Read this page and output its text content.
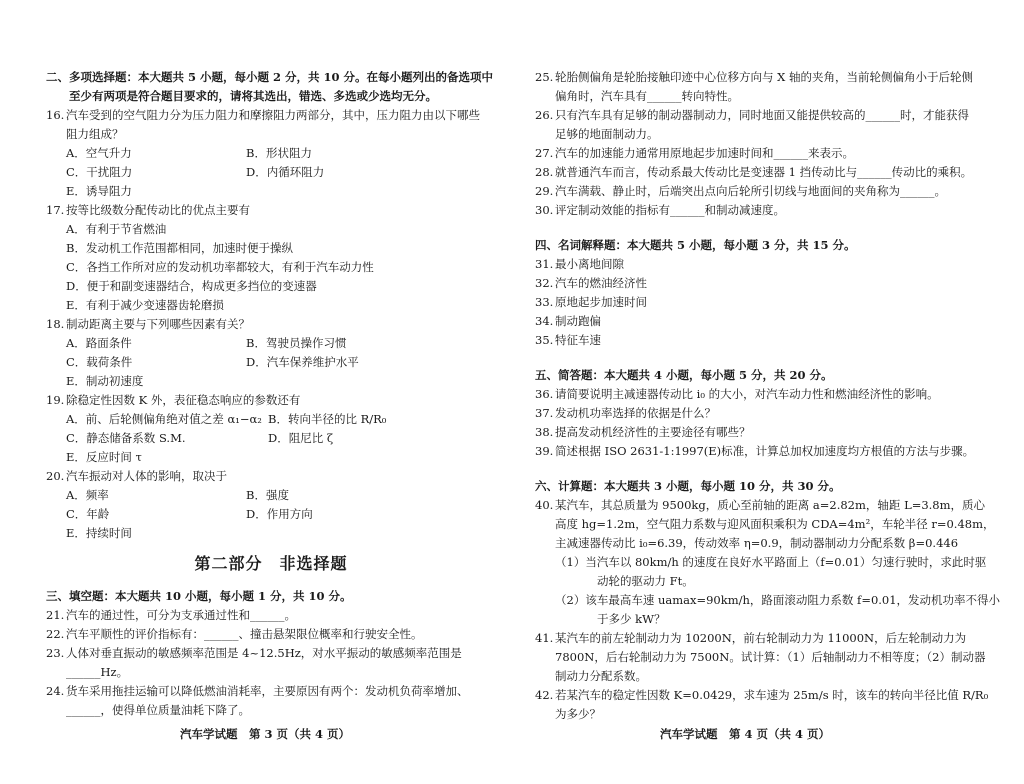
二、多项选择题：本大题共 5 小题，每小题 2 分，共 10 分。在每小题列出的备选项中
　　至少有两项是符合题目要求的，请将其选出，错选、多选或少选均无分。
16. 汽车受到的空气阻力分为压力阻力和摩擦阻力两部分，其中，压力阻力由以下哪些
阻力组成？
A．空气升力	B．形状阻力
C．干扰阻力	D．内循环阻力
E．诱导阻力
17. 按等比级数分配传动比的优点主要有
A．有利于节省燃油
B．发动机工作范围都相同，加速时便于操纵
C．各挡工作所对应的发动机功率都较大，有利于汽车动力性
D．便于和副变速器结合，构成更多挡位的变速器
E．有利于减少变速器齿轮磨损
18. 制动距离主要与下列哪些因素有关？
A．路面条件	B．驾驶员操作习惯
C．载荷条件	D．汽车保养维护水平
E．制动初速度
19. 除稳定性因数 K 外，表征稳态响应的参数还有
A．前、后轮侧偏角绝对值之差 α₁−α₂ B．转向半径的比 R/R₀
C．静态储备系数 S.M.	D．阻尼比 ζ
E．反应时间 τ
20. 汽车振动对人体的影响，取决于
A．频率	B．强度
C．年龄	D．作用方向
E．持续时间
第二部分　非选择题
三、填空题：本大题共 10 小题，每小题 1 分，共 10 分。
21. 汽车的通过性，可分为支承通过性和______。
22. 汽车平顺性的评价指标有：______、撞击悬架限位概率和行驶安全性。
23. 人体对垂直振动的敏感频率范围是 4~12.5Hz，对水平振动的敏感频率范围是
______Hz。
24. 货车采用拖挂运输可以降低燃油消耗率，主要原因有两个：发动机负荷率增加、
______，使得单位质量油耗下降了。
25. 轮胎侧偏角是轮胎接触印迹中心位移方向与 X 轴的夹角，当前轮侧偏角小于后轮侧
偏角时，汽车具有______转向特性。
26. 只有汽车具有足够的制动器制动力，同时地面又能提供较高的______时，才能获得
足够的地面制动力。
27. 汽车的加速能力通常用原地起步加速时间和______来表示。
28. 就普通汽车而言，传动系最大传动比是变速器 1 挡传动比与______传动比的乘积。
29. 汽车满载、静止时，后端突出点向后轮所引切线与地面间的夹角称为______。
30. 评定制动效能的指标有______和制动减速度。
四、名词解释题：本大题共 5 小题，每小题 3 分，共 15 分。
31. 最小离地间隙
32. 汽车的燃油经济性
33. 原地起步加速时间
34. 制动跑偏
35. 特征车速
五、简答题：本大题共 4 小题，每小题 5 分，共 20 分。
36. 请简要说明主减速器传动比 i₀ 的大小，对汽车动力性和燃油经济性的影响。
37. 发动机功率选择的依据是什么？
38. 提高发动机经济性的主要途径有哪些？
39. 简述根据 ISO 2631-1:1997(E)标准，计算总加权加速度均方根值的方法与步骤。
六、计算题：本大题共 3 小题，每小题 10 分，共 30 分。
40. 某汽车，其总质量为 9500kg，质心至前轴的距离 a=2.82m，轴距 L=3.8m，质心
高度 hg=1.2m，空气阻力系数与迎风面积乘积为 CDA=4m²，车轮半径 r=0.48m，
主减速器传动比 i₀=6.39，传动效率 η=0.9，制动器制动力分配系数 β=0.446
（1）当汽车以 80km/h 的速度在良好水平路面上（f=0.01）匀速行驶时，求此时驱
动轮的驱动力 Ft。
（2）该车最高车速 uamax=90km/h，路面滚动阻力系数 f=0.01，发动机功率不得小
于多少 kW？
41. 某汽车的前左轮制动力为 10200N，前右轮制动力为 11000N，后左轮制动力为
7800N，后右轮制动力为 7500N。试计算：（1）后轴制动力不相等度；（2）制动器
制动力分配系数。
42. 若某汽车的稳定性因数 K=0.0429，求车速为 25m/s 时，该车的转向半径比值 R/R₀
为多少？
汽车学试题　第 3 页（共 4 页）	汽车学试题　第 4 页（共 4 页）
